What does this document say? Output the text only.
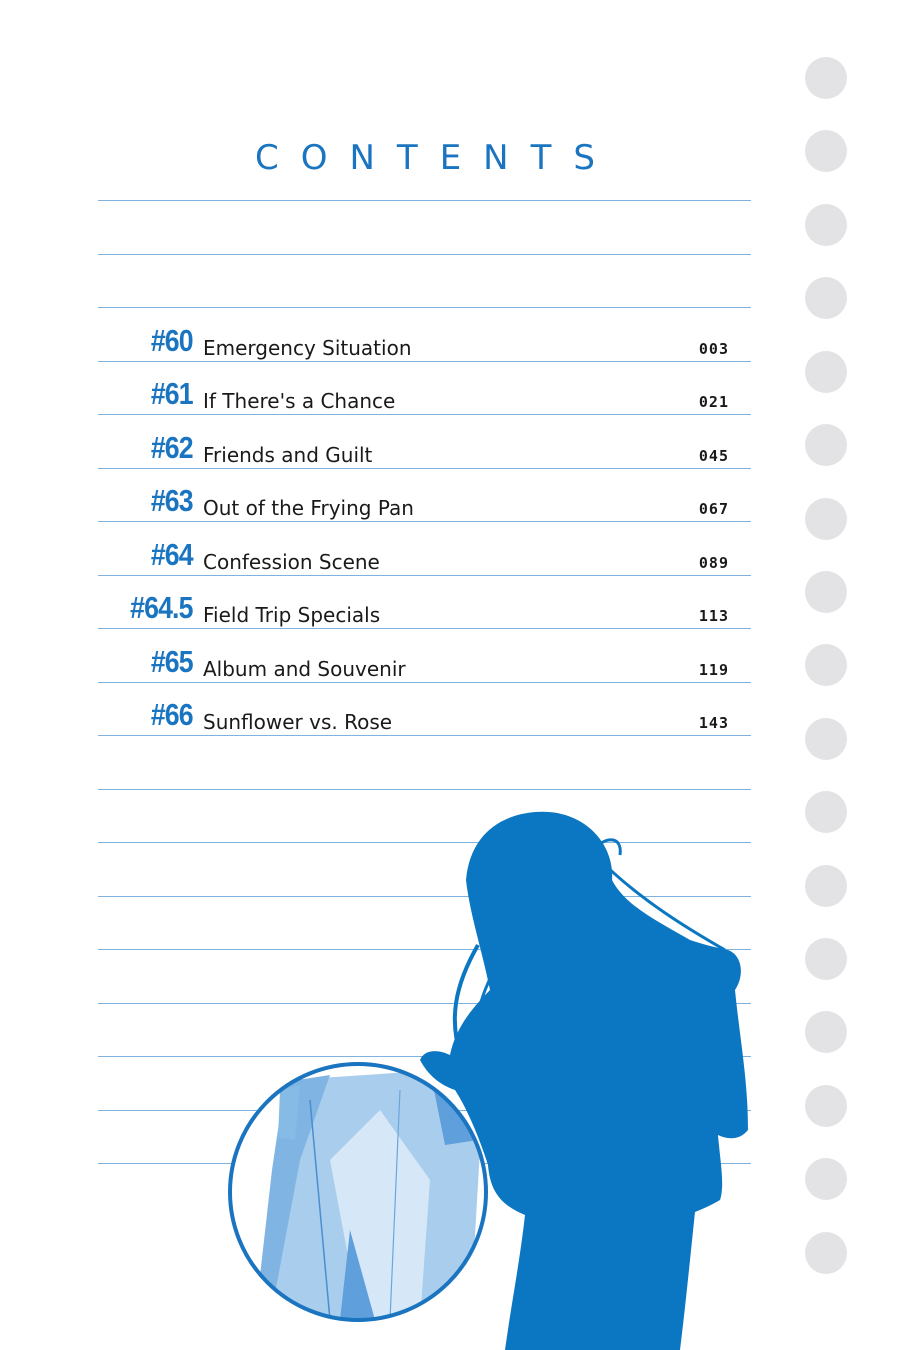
CONTENTS
#60 Emergency Situation	003
#61 If There's a Chance	021
#62 Friends and Guilt	045
#63 Out of the Frying Pan	067
#64 Confession Scene	089
#64.5 Field Trip Specials	113
#65 Album and Souvenir	119
#66 Sunflower vs. Rose	143
